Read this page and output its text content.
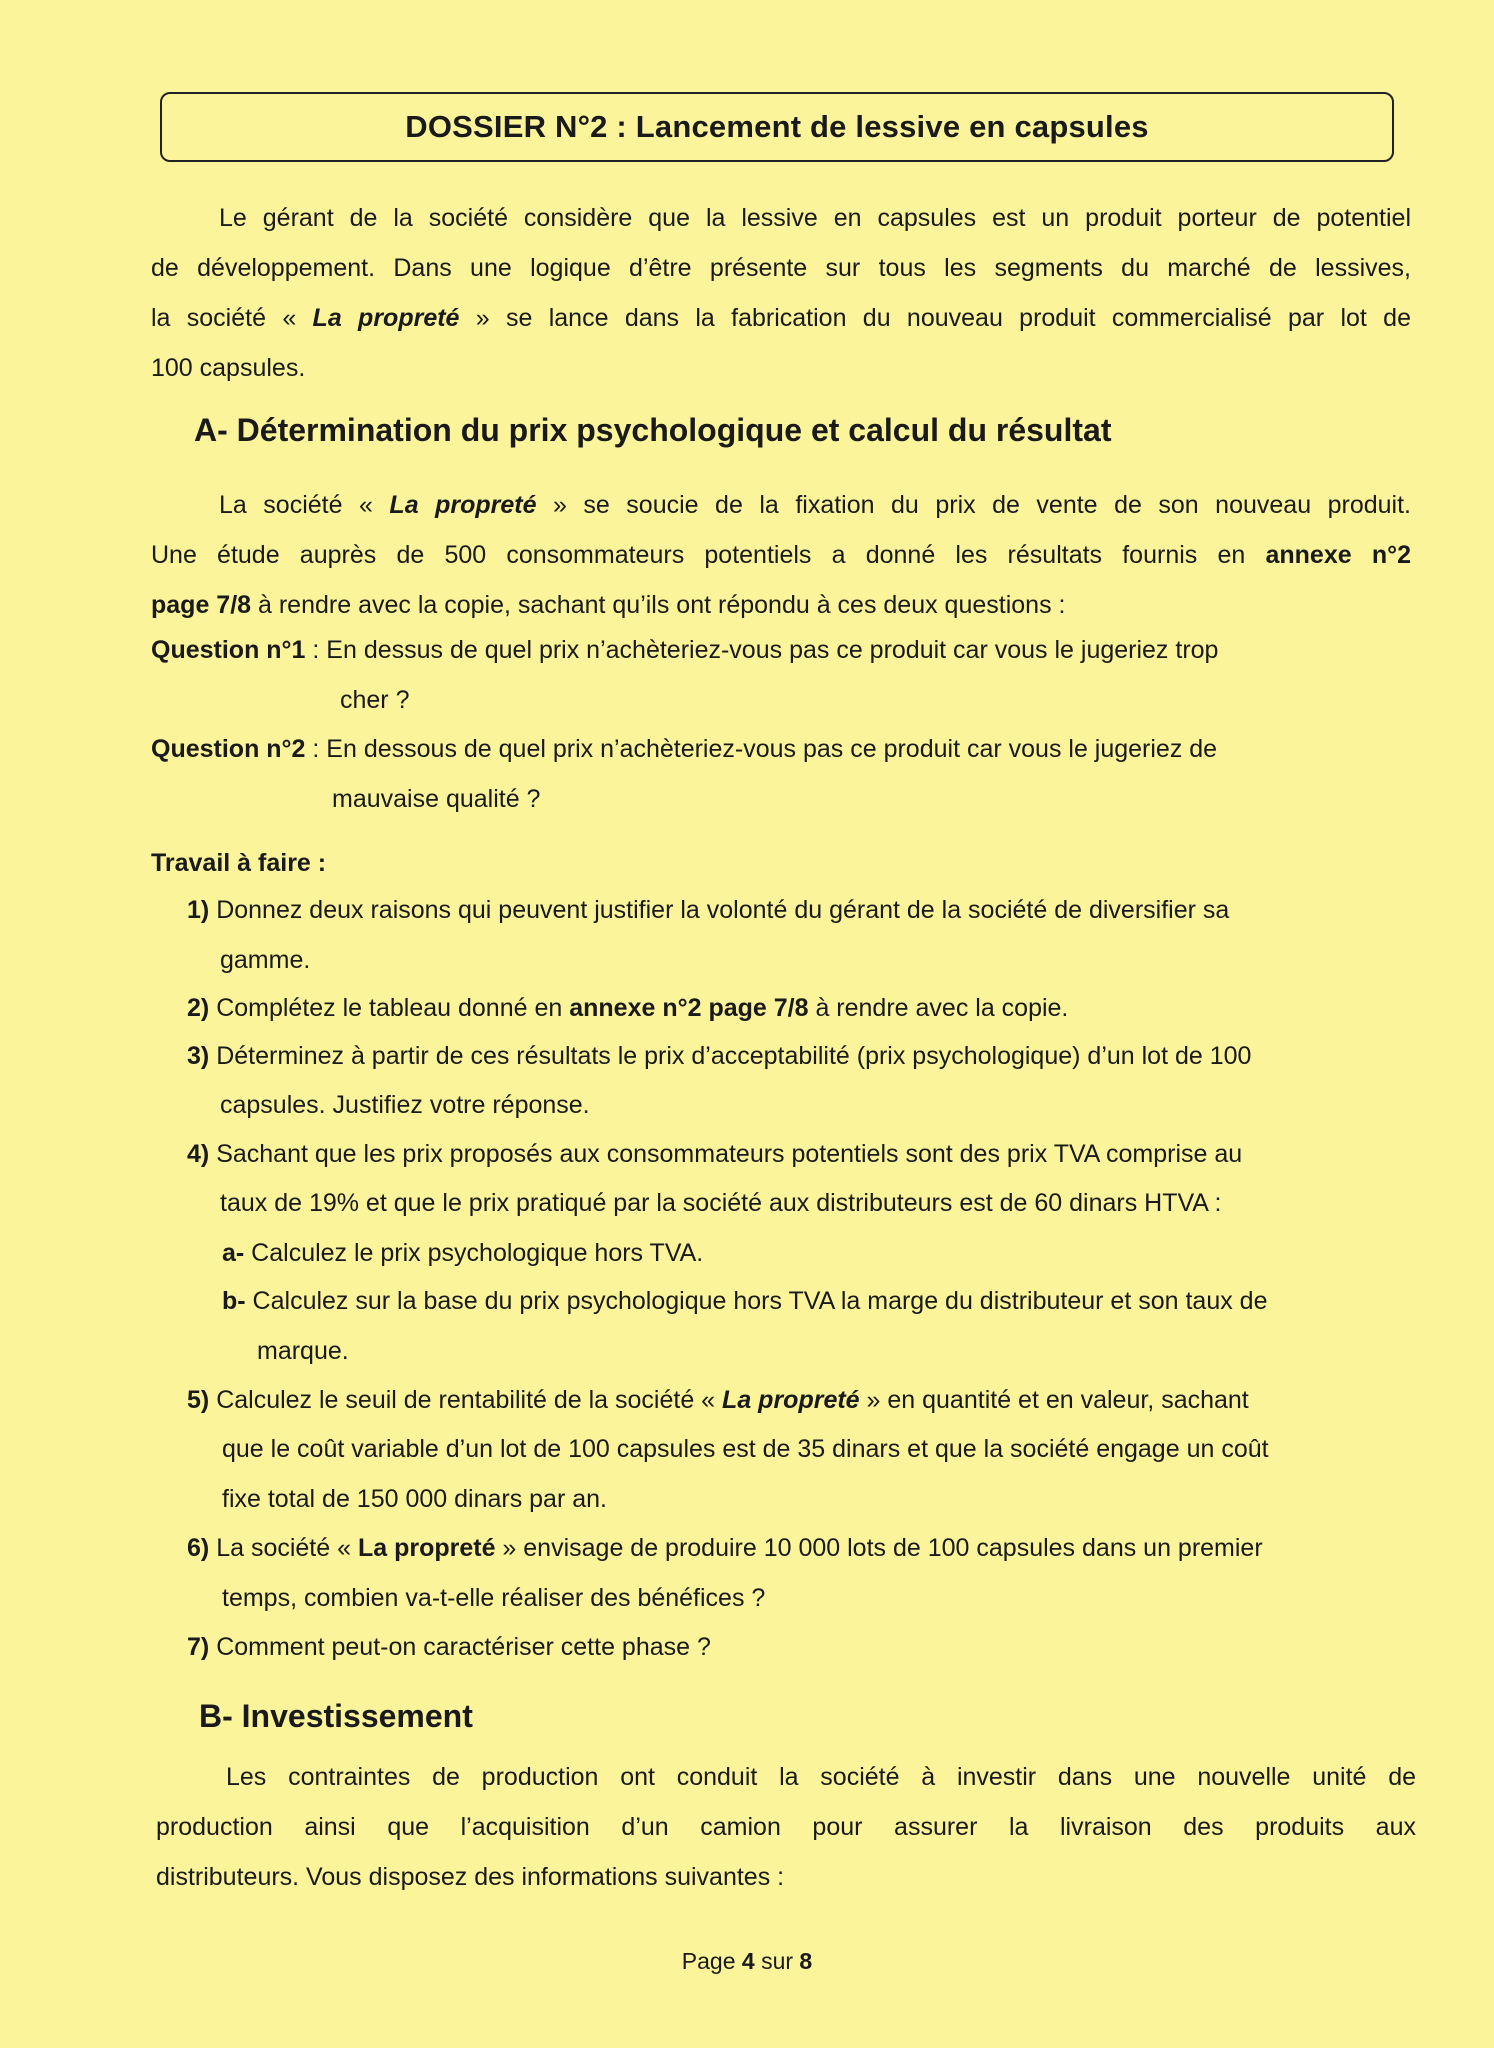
DOSSIER N°2 : Lancement de lessive en capsules
Le gérant de la société considère que la lessive en capsules est un produit porteur de potentiel
de développement. Dans une logique d’être présente sur tous les segments du marché de lessives,
la société « La propreté » se lance dans la fabrication du nouveau produit commercialisé par lot de
100 capsules.
A- Détermination du prix psychologique et calcul du résultat
La société « La propreté » se soucie de la fixation du prix de vente de son nouveau produit.
Une étude auprès de 500 consommateurs potentiels a donné les résultats fournis en annexe n°2
page 7/8 à rendre avec la copie, sachant qu’ils ont répondu à ces deux questions :
Question n°1 : En dessus de quel prix n’achèteriez-vous pas ce produit car vous le jugeriez trop
cher ?
Question n°2 : En dessous de quel prix n’achèteriez-vous pas ce produit car vous le jugeriez de
mauvaise qualité ?
Travail à faire :
1) Donnez deux raisons qui peuvent justifier la volonté du gérant de la société de diversifier sa
gamme.
2) Complétez le tableau donné en annexe n°2 page 7/8 à rendre avec la copie.
3) Déterminez à partir de ces résultats le prix d’acceptabilité (prix psychologique) d’un lot de 100
capsules. Justifiez votre réponse.
4) Sachant que les prix proposés aux consommateurs potentiels sont des prix TVA comprise au
taux de 19% et que le prix pratiqué par la société aux distributeurs est de 60 dinars HTVA :
a- Calculez le prix psychologique hors TVA.
b- Calculez sur la base du prix psychologique hors TVA la marge du distributeur et son taux de
marque.
5) Calculez le seuil de rentabilité de la société « La propreté » en quantité et en valeur, sachant
que le coût variable d’un lot de 100 capsules est de 35 dinars et que la société engage un coût
fixe total de 150 000 dinars par an.
6) La société « La propreté » envisage de produire 10 000 lots de 100 capsules dans un premier
temps, combien va-t-elle réaliser des bénéfices ?
7) Comment peut-on caractériser cette phase ?
B- Investissement
Les contraintes de production ont conduit la société à investir dans une nouvelle unité de
production ainsi que l’acquisition d’un camion pour assurer la livraison des produits aux
distributeurs. Vous disposez des informations suivantes :
Page 4 sur 8
